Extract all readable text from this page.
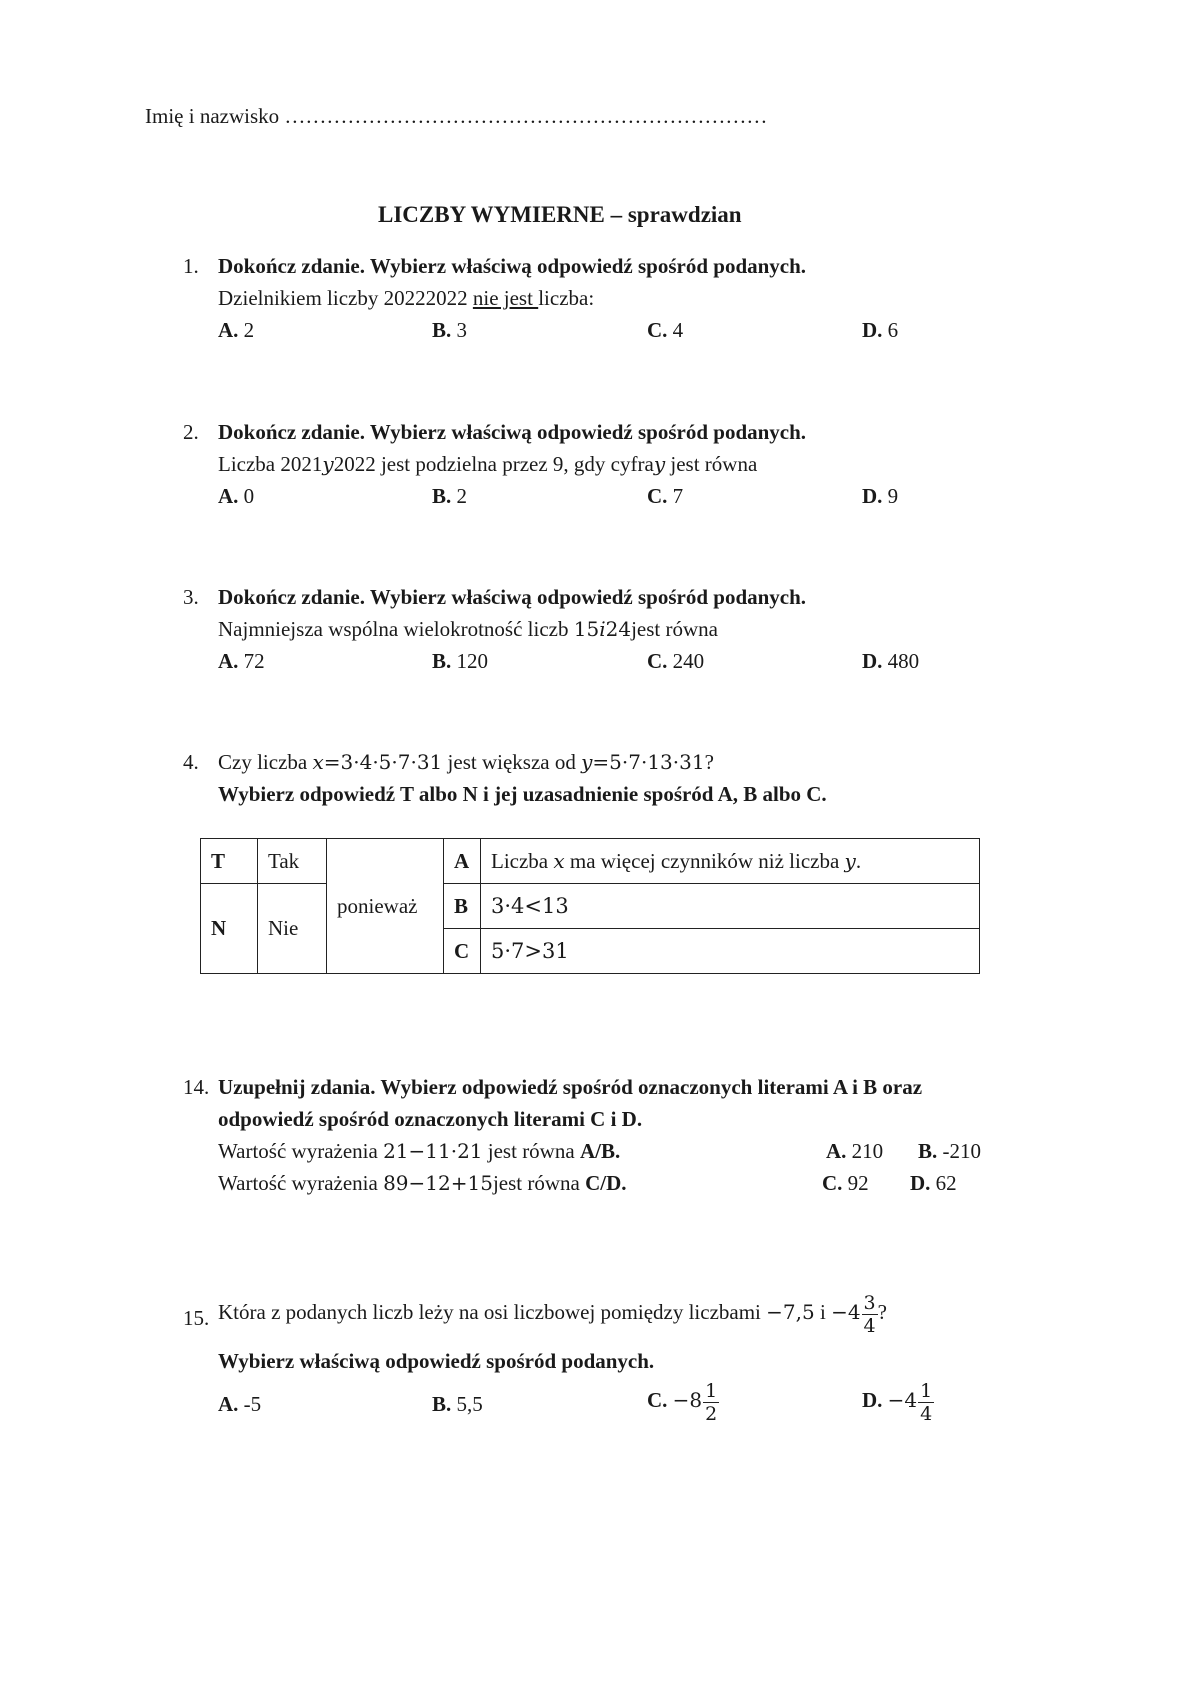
Imię i nazwisko ……………………………………………………………
LICZBY WYMIERNE – sprawdzian
1. Dokończ zdanie. Wybierz właściwą odpowiedź spośród podanych.
Dzielnikiem liczby 20222022 nie jest liczba:
A. 2	B. 3	C. 4	D. 6
2. Dokończ zdanie. Wybierz właściwą odpowiedź spośród podanych.
Liczba 2021y2022 jest podzielna przez 9, gdy cyfray jest równa
A. 0	B. 2	C. 7	D. 9
3. Dokończ zdanie. Wybierz właściwą odpowiedź spośród podanych.
Najmniejsza wspólna wielokrotność liczb 15i24jest równa
A. 72	B. 120	C. 240	D. 480
4. Czy liczba x=3·4·5·7·31 jest większa od y=5·7·13·31?
Wybierz odpowiedź T albo N i jej uzasadnienie spośród A, B albo C.
T	Tak	ponieważ	A	Liczba x ma więcej czynników niż liczba y.

N	Nie		B	3·4<13
			C	5·7>31
14. Uzupełnij zdania. Wybierz odpowiedź spośród oznaczonych literami A i B oraz
odpowiedź spośród oznaczonych literami C i D.
Wartość wyrażenia 21−11·21 jest równa A/B.
Wartość wyrażenia 89−12+15jest równa C/D.
A. 210 B. -210
C. 92 D. 62
15. Która z podanych liczb leży na osi liczbowej pomiędzy liczbami −7,5 $i -4 \frac{3}{4}$ ?
Wybierz właściwą odpowiedź spośród podanych.
A. -5	B. 5,5	C. $-8 \frac{1}{2}$	D. $-4 \frac{1}{4}$
